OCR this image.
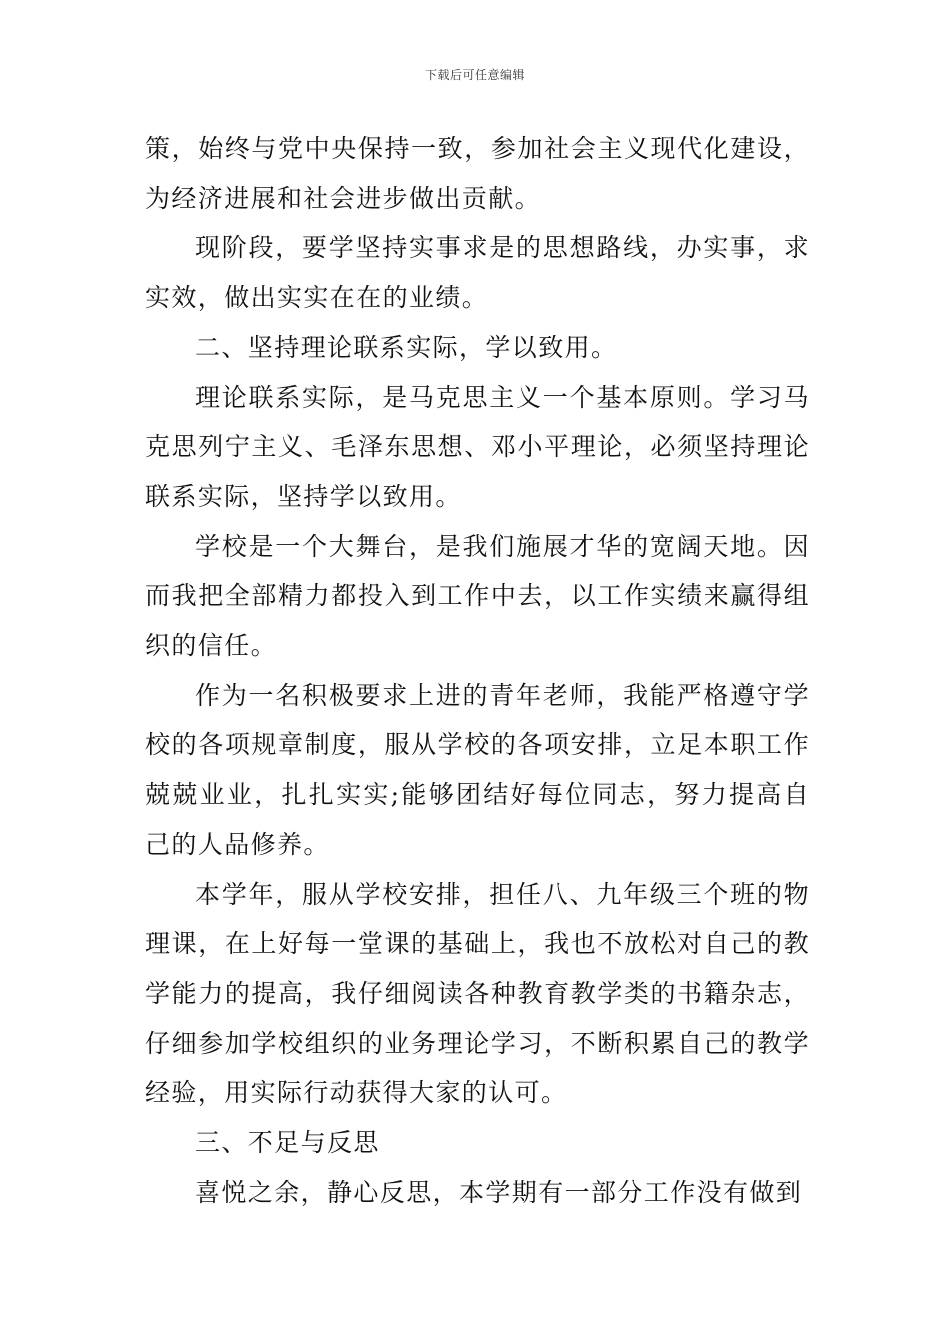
下载后可任意编辑

策，始终与党中央保持一致，参加社会主义现代化建设，为经济进展和社会进步做出贡献。

现阶段，要学坚持实事求是的思想路线，办实事，求实效，做出实实在在的业绩。

二、坚持理论联系实际，学以致用。

理论联系实际，是马克思主义一个基本原则。学习马克思列宁主义、毛泽东思想、邓小平理论，必须坚持理论联系实际，坚持学以致用。

学校是一个大舞台，是我们施展才华的宽阔天地。因而我把全部精力都投入到工作中去，以工作实绩来赢得组织的信任。

作为一名积极要求上进的青年老师，我能严格遵守学校的各项规章制度，服从学校的各项安排，立足本职工作兢兢业业，扎扎实实;能够团结好每位同志，努力提高自己的人品修养。

本学年，服从学校安排，担任八、九年级三个班的物理课，在上好每一堂课的基础上，我也不放松对自己的教学能力的提高，我仔细阅读各种教育教学类的书籍杂志，仔细参加学校组织的业务理论学习，不断积累自己的教学经验，用实际行动获得大家的认可。

三、不足与反思

喜悦之余，静心反思，本学期有一部分工作没有做到
